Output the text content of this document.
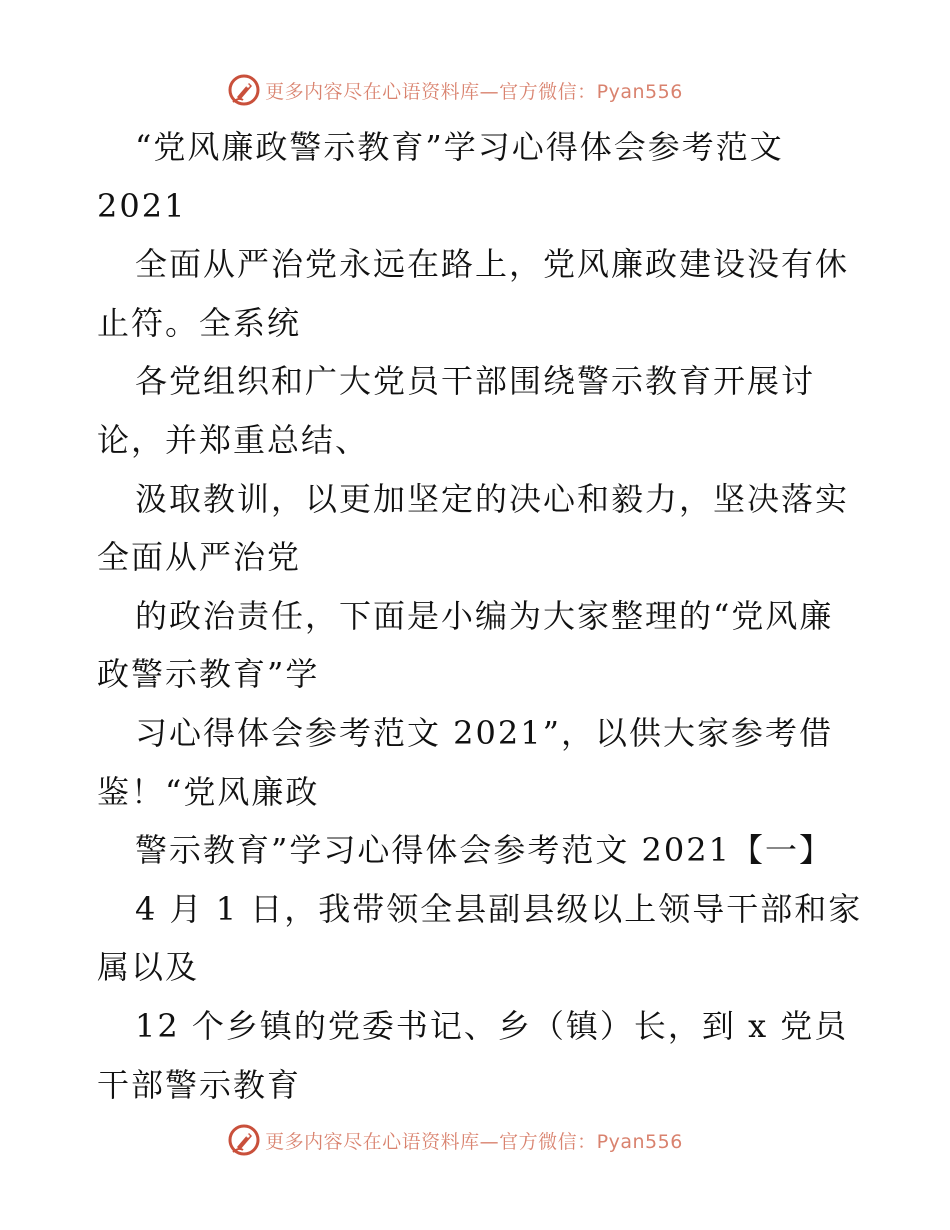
更多内容尽在心语资料库—官方微信：Pyan556
“党风廉政警示教育”学习心得体会参考范文
2021
全面从严治党永远在路上，党风廉政建设没有休
止符。全系统
各党组织和广大党员干部围绕警示教育开展讨
论，并郑重总结、
汲取教训，以更加坚定的决心和毅力，坚决落实
全面从严治党
的政治责任，下面是小编为大家整理的“党风廉
政警示教育”学
习心得体会参考范文 2021”，以供大家参考借
鉴！“党风廉政
警示教育”学习心得体会参考范文 2021【一】
4 月 1 日，我带领全县副县级以上领导干部和家
属以及
12 个乡镇的党委书记、乡（镇）长，到 x 党员
干部警示教育
更多内容尽在心语资料库—官方微信：Pyan556
